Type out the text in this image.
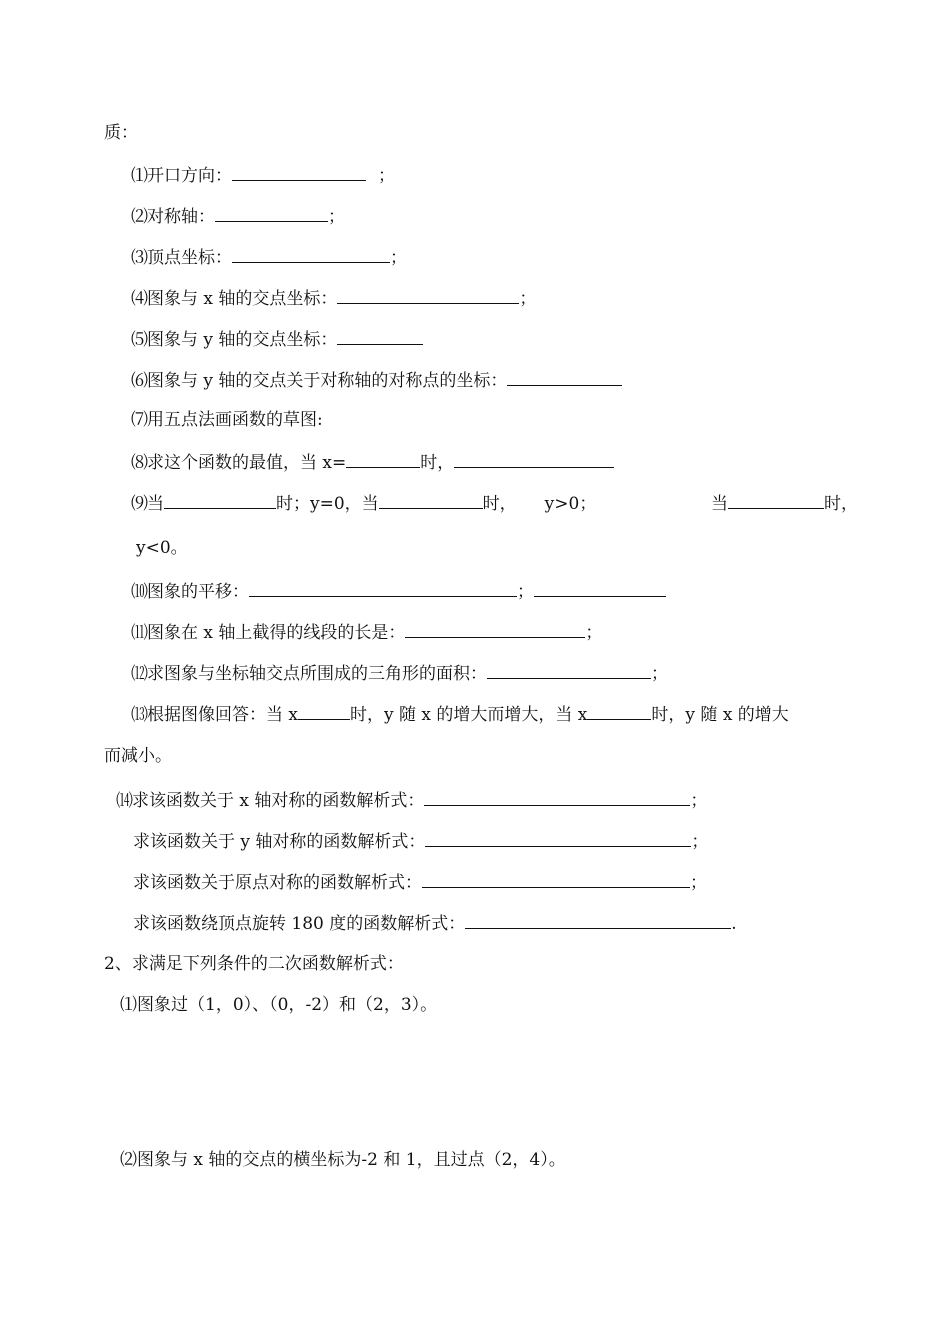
质：
⑴开口方向：	；
⑵对称轴：	；
⑶顶点坐标：	；
⑷图象与 x 轴的交点坐标：	；
⑸图象与 y 轴的交点坐标：
⑹图象与 y 轴的交点关于对称轴的对称点的坐标：
⑺用五点法画函数的草图:
⑻求这个函数的最值，当 x=	时，
⑼当	时；y=0，当	时， y>0；	当	时，
y<0。
⑽图象的平移：	；
⑾图象在 x 轴上截得的线段的长是：	；
⑿求图象与坐标轴交点所围成的三角形的面积：	；
⒀根据图像回答：当 x	时，y 随 x 的增大而增大，当 x	时，y 随 x 的增大
而减小。
⒁求该函数关于 x 轴对称的函数解析式：	；
求该函数关于 y 轴对称的函数解析式：	；
求该函数关于原点对称的函数解析式：	；
求该函数绕顶点旋转 180 度的函数解析式：	.
2、求满足下列条件的二次函数解析式：
⑴图象过（1，0）、（0，-2）和（2，3）。
⑵图象与 x 轴的交点的横坐标为-2 和 1，且过点（2，4）。
